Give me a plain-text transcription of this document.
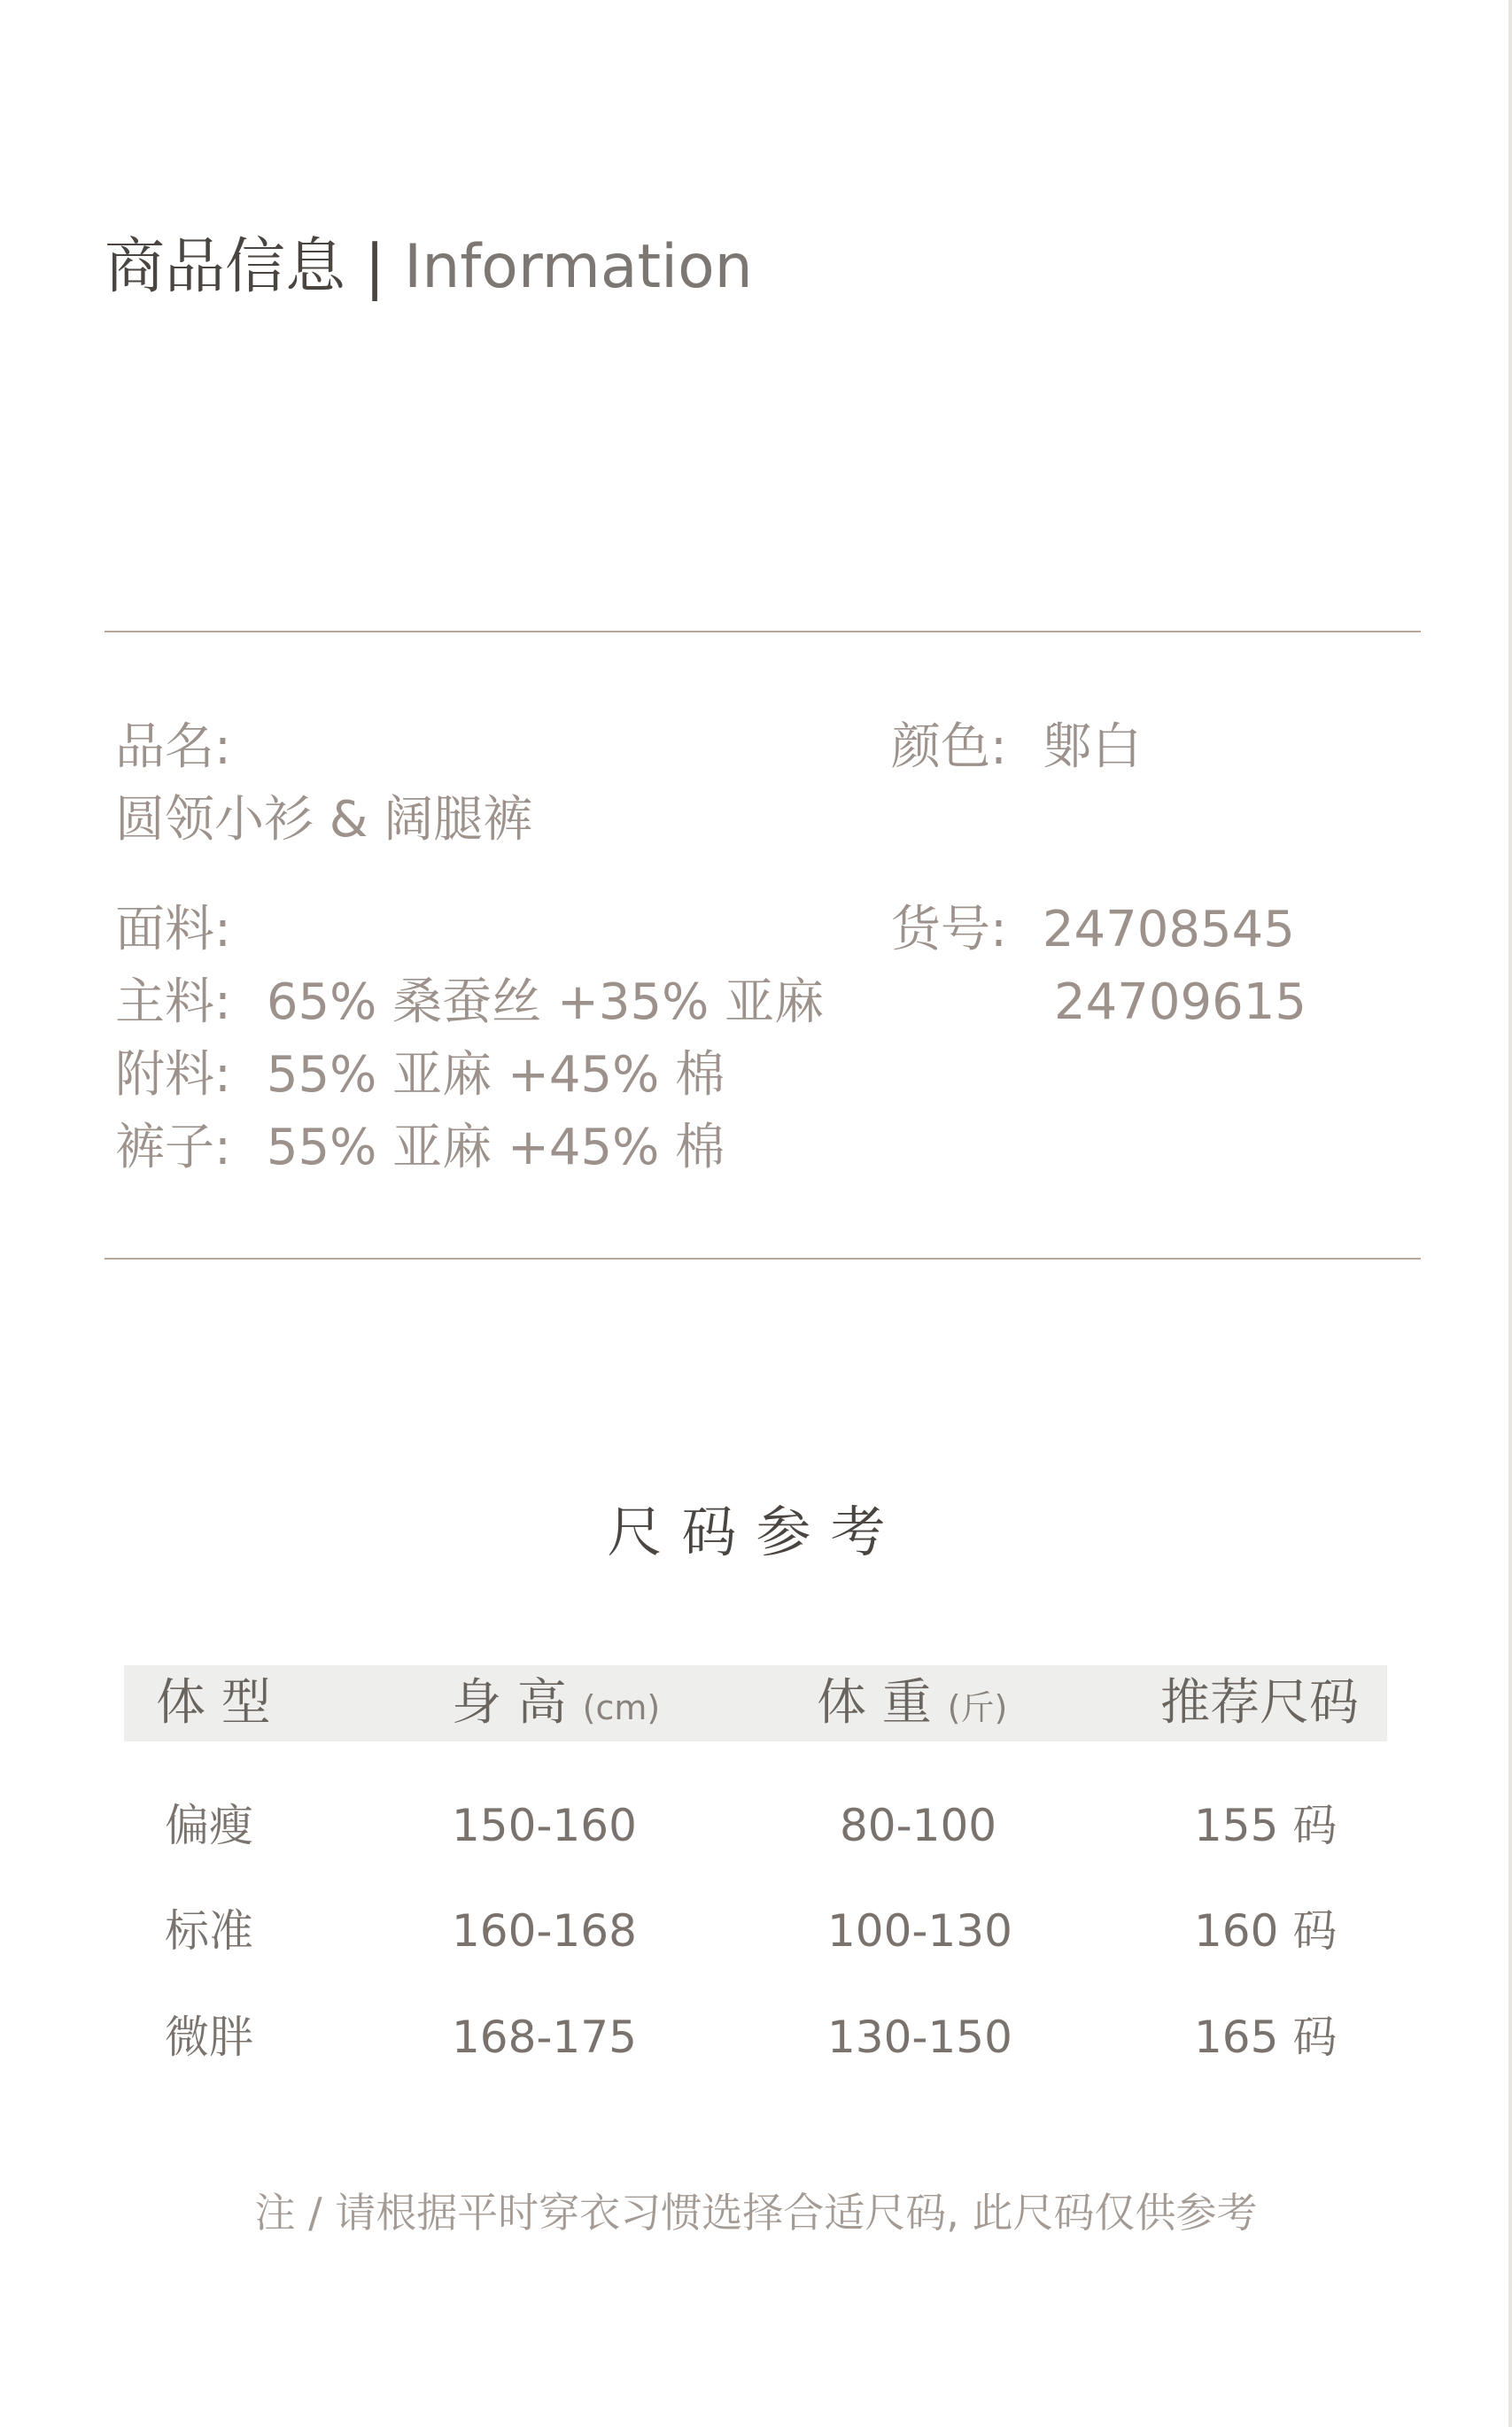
商品信息 | Information
品名:
圆领小衫 & 阔腿裤
颜色: 鄋白
面料:
主料: 65% 桑蚕丝 +35% 亚麻
附料: 55% 亚麻 +45% 棉
裤子: 55% 亚麻 +45% 棉
货号: 24708545
24709615
尺码参考
体 型	身 高 (cm)	体 重 (斤)	推荐尺码
偏瘦	150-160	80-100	155 码
标准	160-168	100-130	160 码
微胖	168-175	130-150	165 码
注 / 请根据平时穿衣习惯选择合适尺码, 此尺码仅供参考
